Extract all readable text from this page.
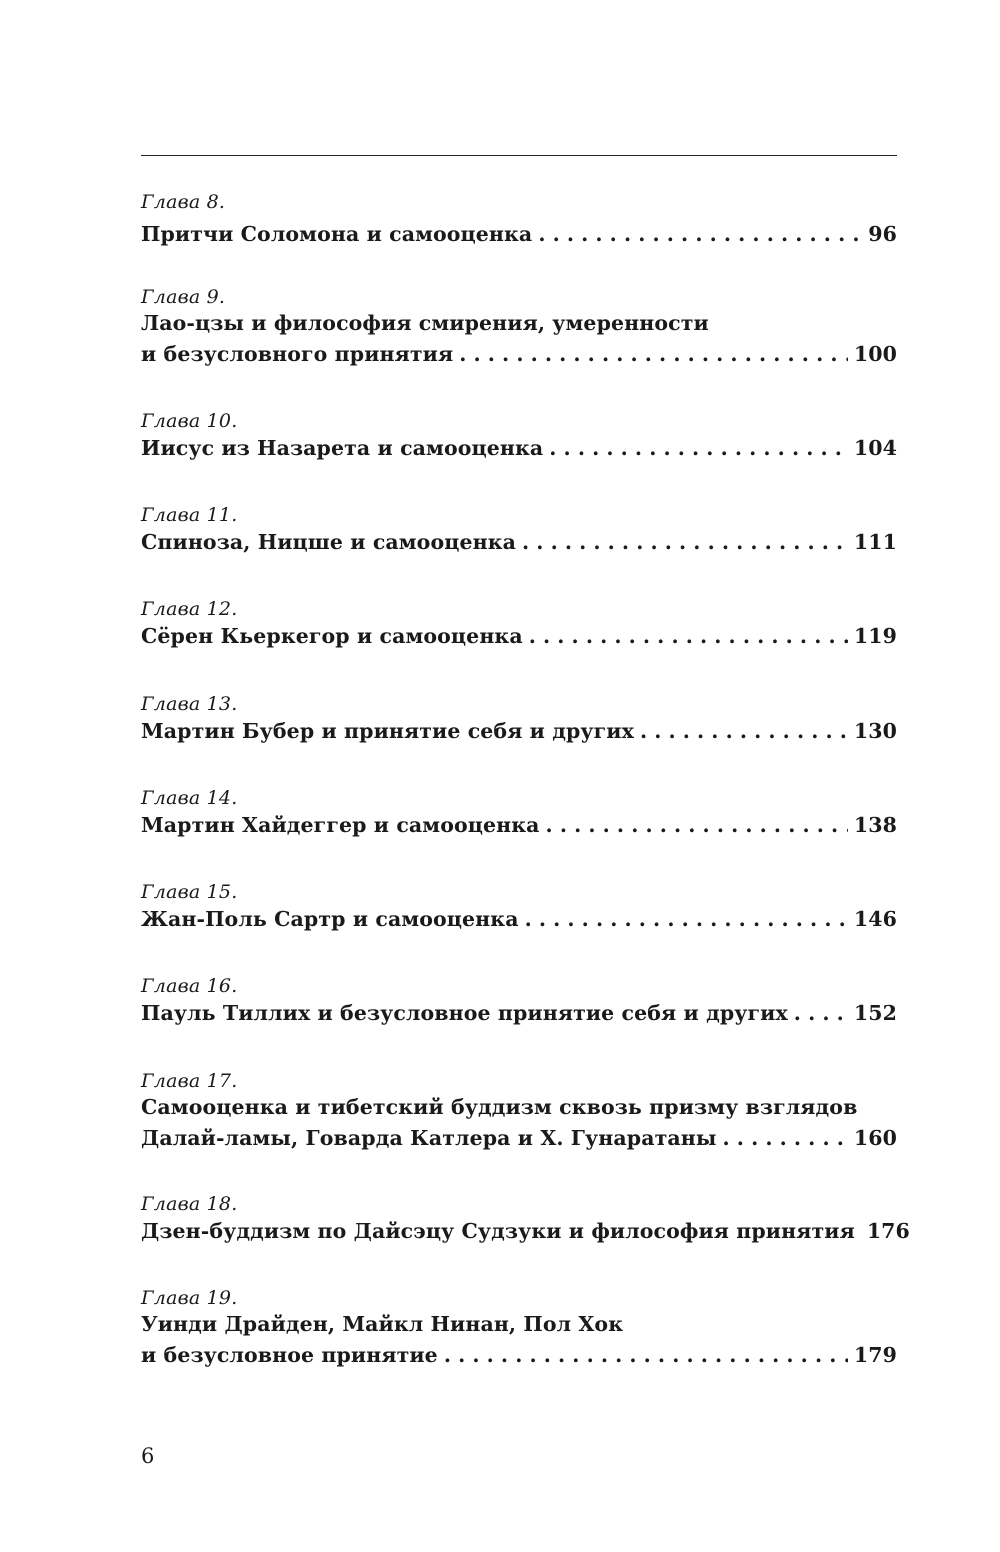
Глава 8.
Притчи Соломона и самооценка . . .	96
Глава 9.
Лао-цзы и философия смирения, умеренности
и безусловного принятия . . .	100
Глава 10.
Иисус из Назарета и самооценка . . .	104
Глава 11.
Спиноза, Ницше и самооценка . . .	111
Глава 12.
Сёрен Кьеркегор и самооценка . . .	119
Глава 13.
Мартин Бубер и принятие себя и других . . .	130
Глава 14.
Мартин Хайдеггер и самооценка . . .	138
Глава 15.
Жан-Поль Сартр и самооценка . . .	146
Глава 16.
Пауль Тиллих и безусловное принятие себя и других . . .	152
Глава 17.
Самооценка и тибетский буддизм сквозь призму взглядов
Далай-ламы, Говарда Катлера и Х. Гунаратаны . . .	160
Глава 18.
Дзен-буддизм по Дайсэцу Судзуки и философия принятия 176
Глава 19.
Уинди Драйден, Майкл Нинан, Пол Хок
и безусловное принятие . . .	179
6
